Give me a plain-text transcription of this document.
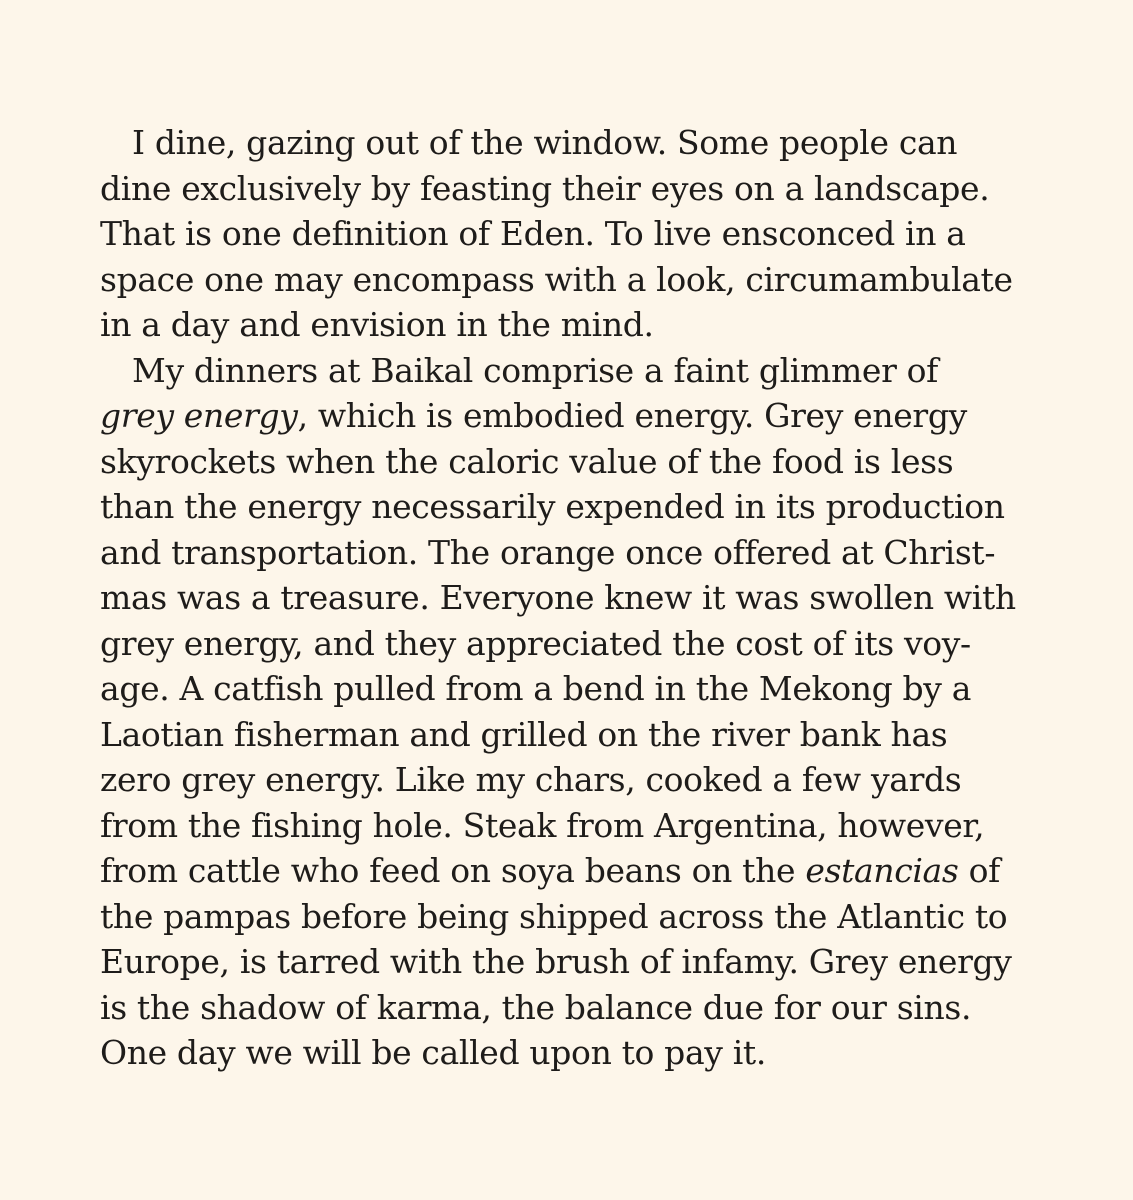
I dine, gazing out of the window. Some people can
dine exclusively by feasting their eyes on a landscape.
That is one definition of Eden. To live ensconced in a
space one may encompass with a look, circumambulate
in a day and envision in the mind.
My dinners at Baikal comprise a faint glimmer of
grey energy, which is embodied energy. Grey energy
skyrockets when the caloric value of the food is less
than the energy necessarily expended in its production
and transportation. The orange once offered at Christ-
mas was a treasure. Everyone knew it was swollen with
grey energy, and they appreciated the cost of its voy-
age. A catfish pulled from a bend in the Mekong by a
Laotian fisherman and grilled on the river bank has
zero grey energy. Like my chars, cooked a few yards
from the fishing hole. Steak from Argentina, however,
from cattle who feed on soya beans on the estancias of
the pampas before being shipped across the Atlantic to
Europe, is tarred with the brush of infamy. Grey energy
is the shadow of karma, the balance due for our sins.
One day we will be called upon to pay it.
